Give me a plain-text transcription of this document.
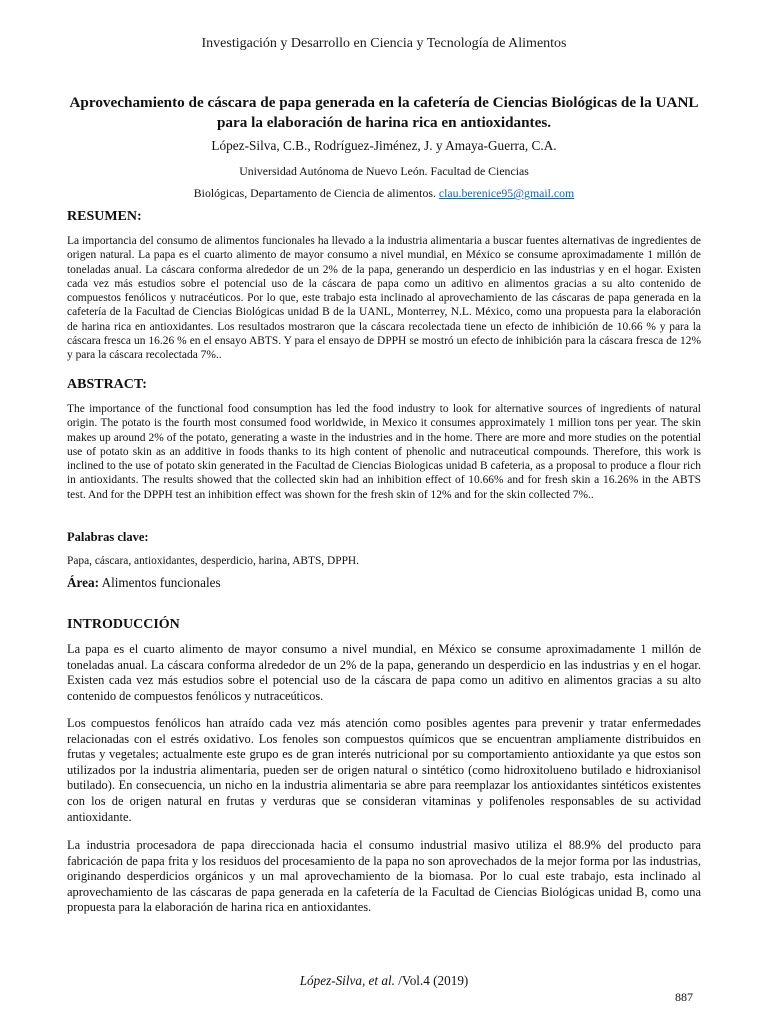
Investigación y Desarrollo en Ciencia y Tecnología de Alimentos
Aprovechamiento de cáscara de papa generada en la cafetería de Ciencias Biológicas de la UANL para la elaboración de harina rica en antioxidantes.
López-Silva, C.B., Rodríguez-Jiménez, J. y Amaya-Guerra, C.A.
Universidad Autónoma de Nuevo León. Facultad de Ciencias
Biológicas, Departamento de Ciencia de alimentos. clau.berenice95@gmail.com
RESUMEN:
La importancia del consumo de alimentos funcionales ha llevado a la industria alimentaria a buscar fuentes alternativas de ingredientes de origen natural. La papa es el cuarto alimento de mayor consumo a nivel mundial, en México se consume aproximadamente 1 millón de toneladas anual. La cáscara conforma alrededor de un 2% de la papa, generando un desperdicio en las industrias y en el hogar. Existen cada vez más estudios sobre el potencial uso de la cáscara de papa como un aditivo en alimentos gracias a su alto contenido de compuestos fenólicos y nutracéuticos. Por lo que, este trabajo esta inclinado al aprovechamiento de las cáscaras de papa generada en la cafetería de la Facultad de Ciencias Biológicas unidad B de la UANL, Monterrey, N.L. México, como una propuesta para la elaboración de harina rica en antioxidantes. Los resultados mostraron que la cáscara recolectada tiene un efecto de inhibición de 10.66 % y para la cáscara fresca un 16.26 % en el ensayo ABTS. Y para el ensayo de DPPH se mostró un efecto de inhibición para la cáscara fresca de 12% y para la cáscara recolectada 7%..
ABSTRACT:
The importance of the functional food consumption has led the food industry to look for alternative sources of ingredients of natural origin. The potato is the fourth most consumed food worldwide, in Mexico it consumes approximately 1 million tons per year. The skin makes up around 2% of the potato, generating a waste in the industries and in the home. There are more and more studies on the potential use of potato skin as an additive in foods thanks to its high content of phenolic and nutraceutical compounds. Therefore, this work is inclined to the use of potato skin generated in the Facultad de Ciencias Biologicas unidad B cafeteria, as a proposal to produce a flour rich in antioxidants. The results showed that the collected skin had an inhibition effect of 10.66% and for fresh skin a 16.26% in the ABTS test. And for the DPPH test an inhibition effect was shown for the fresh skin of 12% and for the skin collected 7%..
Palabras clave:
Papa, cáscara, antioxidantes, desperdicio, harina, ABTS, DPPH.
Área: Alimentos funcionales
INTRODUCCIÓN
La papa es el cuarto alimento de mayor consumo a nivel mundial, en México se consume aproximadamente 1 millón de toneladas anual. La cáscara conforma alrededor de un 2% de la papa, generando un desperdicio en las industrias y en el hogar. Existen cada vez más estudios sobre el potencial uso de la cáscara de papa como un aditivo en alimentos gracias a su alto contenido de compuestos fenólicos y nutraceúticos.
Los compuestos fenólicos han atraído cada vez más atención como posibles agentes para prevenir y tratar enfermedades relacionadas con el estrés oxidativo. Los fenoles son compuestos químicos que se encuentran ampliamente distribuidos en frutas y vegetales; actualmente este grupo es de gran interés nutricional por su comportamiento antioxidante ya que estos son utilizados por la industria alimentaria, pueden ser de origen natural o sintético (como hidroxitolueno butilado e hidroxianisol butilado). En consecuencia, un nicho en la industria alimentaria se abre para reemplazar los antioxidantes sintéticos existentes con los de origen natural en frutas y verduras que se consideran vitaminas y polifenoles responsables de su actividad antioxidante.
La industria procesadora de papa direccionada hacia el consumo industrial masivo utiliza el 88.9% del producto para fabricación de papa frita y los residuos del procesamiento de la papa no son aprovechados de la mejor forma por las industrias, originando desperdicios orgánicos y un mal aprovechamiento de la biomasa. Por lo cual este trabajo, esta inclinado al aprovechamiento de las cáscaras de papa generada en la cafetería de la Facultad de Ciencias Biológicas unidad B, como una propuesta para la elaboración de harina rica en antioxidantes.
López-Silva, et al. /Vol.4 (2019)
887
